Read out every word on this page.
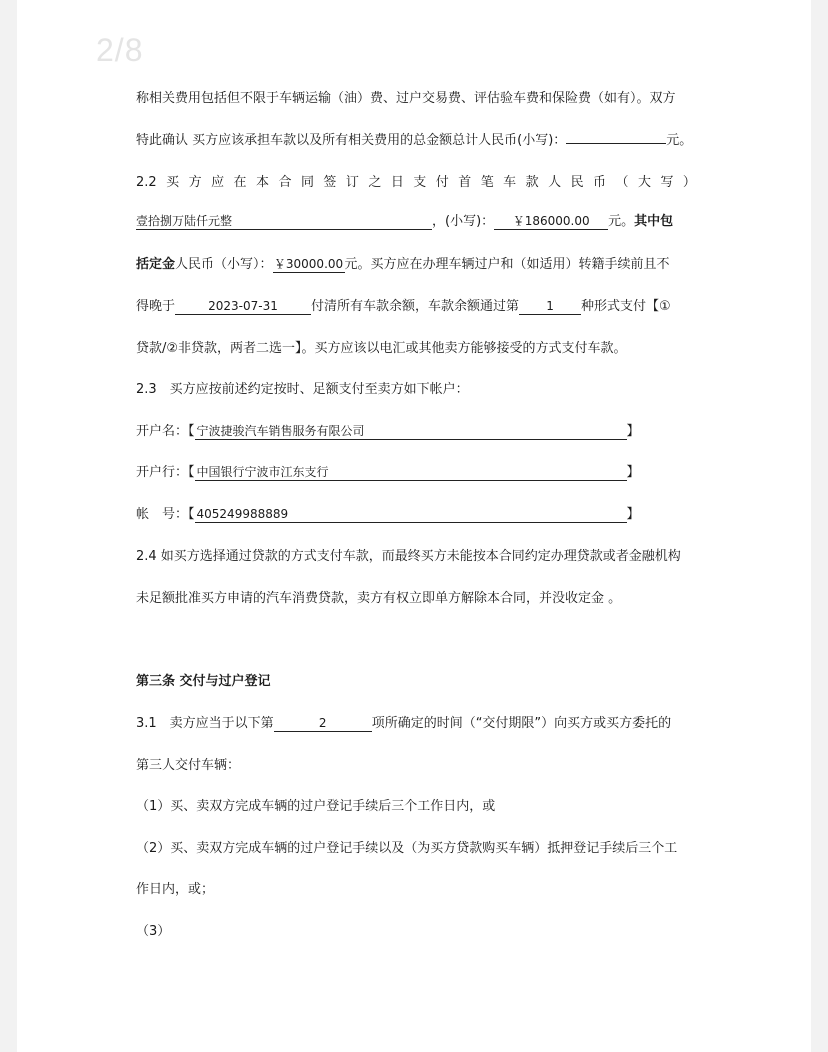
2/8
称相关费用包括但不限于车辆运输（油）费、过户交易费、评估验车费和保险费（如有）。双方
特此确认 买方应该承担车款以及所有相关费用的总金额总计人民币(小写)：	元。
2.2 买 方 应 在 本 合 同 签 订 之 日 支 付 首 笔 车 款 人 民 币 （ 大 写 ）
壹拾捌万陆仟元整	，(小写)： ￥186000.00 元。其中包
括定金人民币（小写）：￥30000.00元。买方应在办理车辆过户和（如适用）转籍手续前且不
得晚于	2023-07-31	付清所有车款余额，车款余额通过第 1 种形式支付【①
贷款/②非贷款，两者二选一】。买方应该以电汇或其他卖方能够接受的方式支付车款。
2.3　买方应按前述约定按时、足额支付至卖方如下帐户：
开户名：【 宁波捷骏汽车销售服务有限公司	】
开户行：【 中国银行宁波市江东支行	】
帐　号：【 405249988889	】
2.4 如买方选择通过贷款的方式支付车款，而最终买方未能按本合同约定办理贷款或者金融机构
未足额批准买方申请的汽车消费贷款，卖方有权立即单方解除本合同，并没收定金 。
第三条 交付与过户登记
3.1　卖方应当于以下第	2	项所确定的时间（“交付期限”）向买方或买方委托的
第三人交付车辆：
（1）买、卖双方完成车辆的过户登记手续后三个工作日内，或
（2）买、卖双方完成车辆的过户登记手续以及（为买方贷款购买车辆）抵押登记手续后三个工
作日内，或；
（3）
